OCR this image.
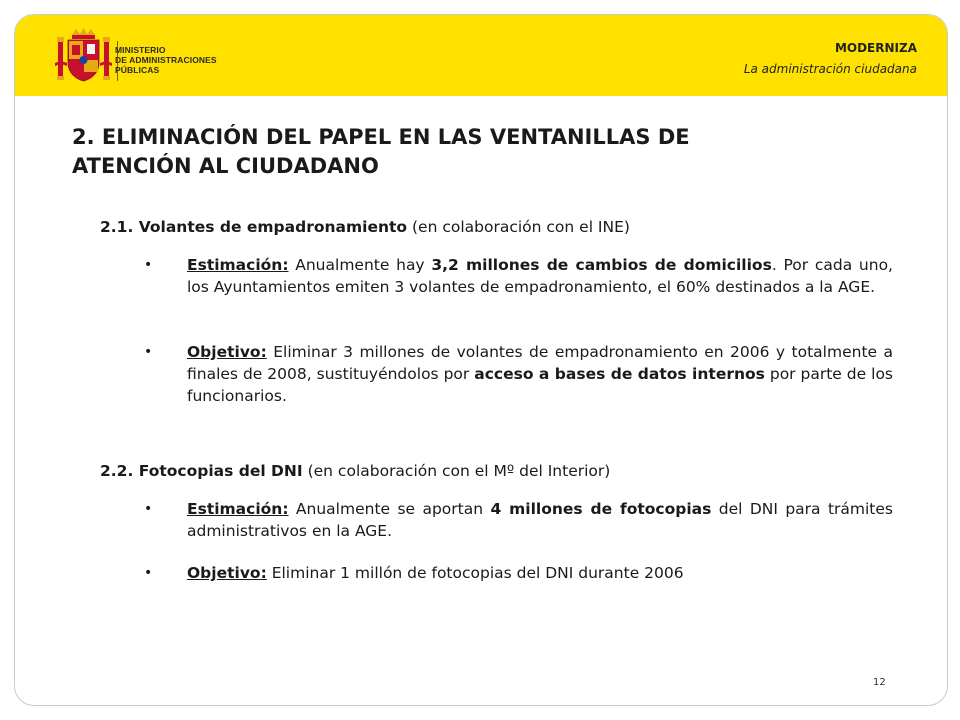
MINISTERIO
DE ADMINISTRACIONES
PÚBLICAS
MODERNIZA
La administración ciudadana
2. ELIMINACIÓN DEL PAPEL EN LAS VENTANILLAS DE
ATENCIÓN AL CIUDADANO
2.1. Volantes de empadronamiento (en colaboración con el INE)
• Estimación: Anualmente hay 3,2 millones de cambios de domicilios. Por cada uno, los Ayuntamientos emiten 3 volantes de empadronamiento, el 60% destinados a la AGE.
• Objetivo: Eliminar 3 millones de volantes de empadronamiento en 2006 y totalmente a finales de 2008, sustituyéndolos por acceso a bases de datos internos por parte de los funcionarios.
2.2. Fotocopias del DNI (en colaboración con el Mº del Interior)
• Estimación: Anualmente se aportan 4 millones de fotocopias del DNI para trámites administrativos en la AGE.
• Objetivo: Eliminar 1 millón de fotocopias del DNI durante 2006
12
